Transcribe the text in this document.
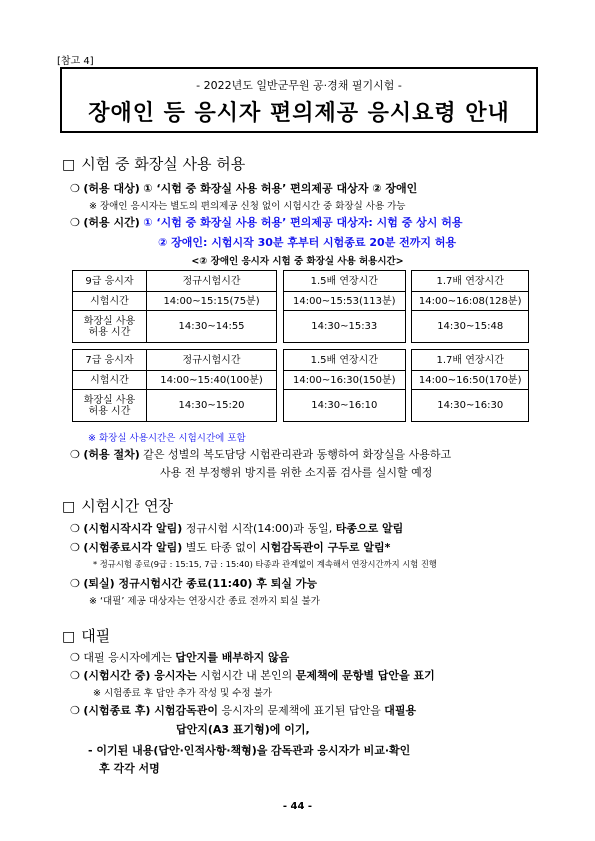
[참고 4]
- 2022년도 일반군무원 공·경채 필기시험 -
장애인 등 응시자 편의제공 응시요령 안내
□ 시험 중 화장실 사용 허용
❍ (허용 대상) ① ‘시험 중 화장실 사용 허용’ 편의제공 대상자 ② 장애인
※ 장애인 응시자는 별도의 편의제공 신청 없이 시험시간 중 화장실 사용 가능
❍ (허용 시간) ① ‘시험 중 화장실 사용 허용’ 편의제공 대상자: 시험 중 상시 허용
② 장애인: 시험시작 30분 후부터 시험종료 20분 전까지 허용
<② 장애인 응시자 시험 중 화장실 사용 허용시간>
9급 응시자	정규시험시간		1.5배 연장시간		1.7배 연장시간
시험시간	14:00~15:15(75분)		14:00~15:53(113분)		14:00~16:08(128분)
화장실 사용
허용 시간	14:30~14:55		14:30~15:33		14:30~15:48
7급 응시자	정규시험시간		1.5배 연장시간		1.7배 연장시간
시험시간	14:00~15:40(100분)		14:00~16:30(150분)		14:00~16:50(170분)
화장실 사용
허용 시간	14:30~15:20		14:30~16:10		14:30~16:30
※ 화장실 사용시간은 시험시간에 포함
❍ (허용 절차) 같은 성별의 복도담당 시험관리관과 동행하여 화장실을 사용하고
사용 전 부정행위 방지를 위한 소지품 검사를 실시할 예정
□ 시험시간 연장
❍ (시험시작시각 알림) 정규시험 시작(14:00)과 동일, 타종으로 알림
❍ (시험종료시각 알림) 별도 타종 없이 시험감독관이 구두로 알림*
* 정규시험 종료(9급 : 15:15, 7급 : 15:40) 타종과 관계없이 계속해서 연장시간까지 시험 진행
❍ (퇴실) 정규시험시간 종료(11:40) 후 퇴실 가능
※ ‘대필’ 제공 대상자는 연장시간 종료 전까지 퇴실 불가
□ 대필
❍ 대필 응시자에게는 답안지를 배부하지 않음
❍ (시험시간 중) 응시자는 시험시간 내 본인의 문제책에 문항별 답안을 표기
※ 시험종료 후 답안 추가 작성 및 수정 불가
❍ (시험종료 후) 시험감독관이 응시자의 문제책에 표기된 답안을 대필용
답안지(A3 표기형)에 이기,
- 이기된 내용(답안·인적사항·책형)을 감독관과 응시자가 비교·확인
후 각각 서명
- 44 -
